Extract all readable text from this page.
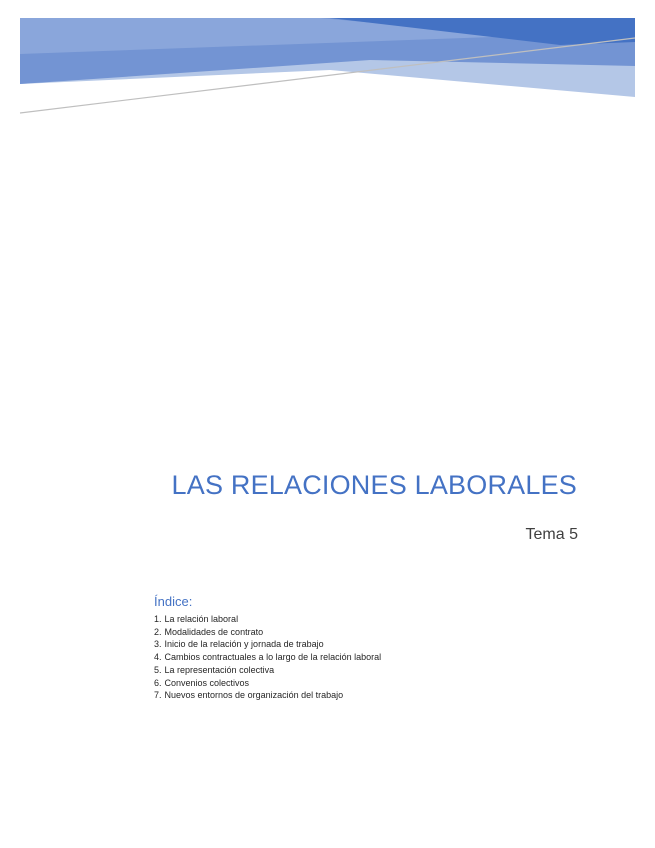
LAS RELACIONES LABORALES
Tema 5
Índice:
1. La relación laboral
2. Modalidades de contrato
3. Inicio de la relación y jornada de trabajo
4. Cambios contractuales a lo largo de la relación laboral
5. La representación colectiva
6. Convenios colectivos
7. Nuevos entornos de organización del trabajo
